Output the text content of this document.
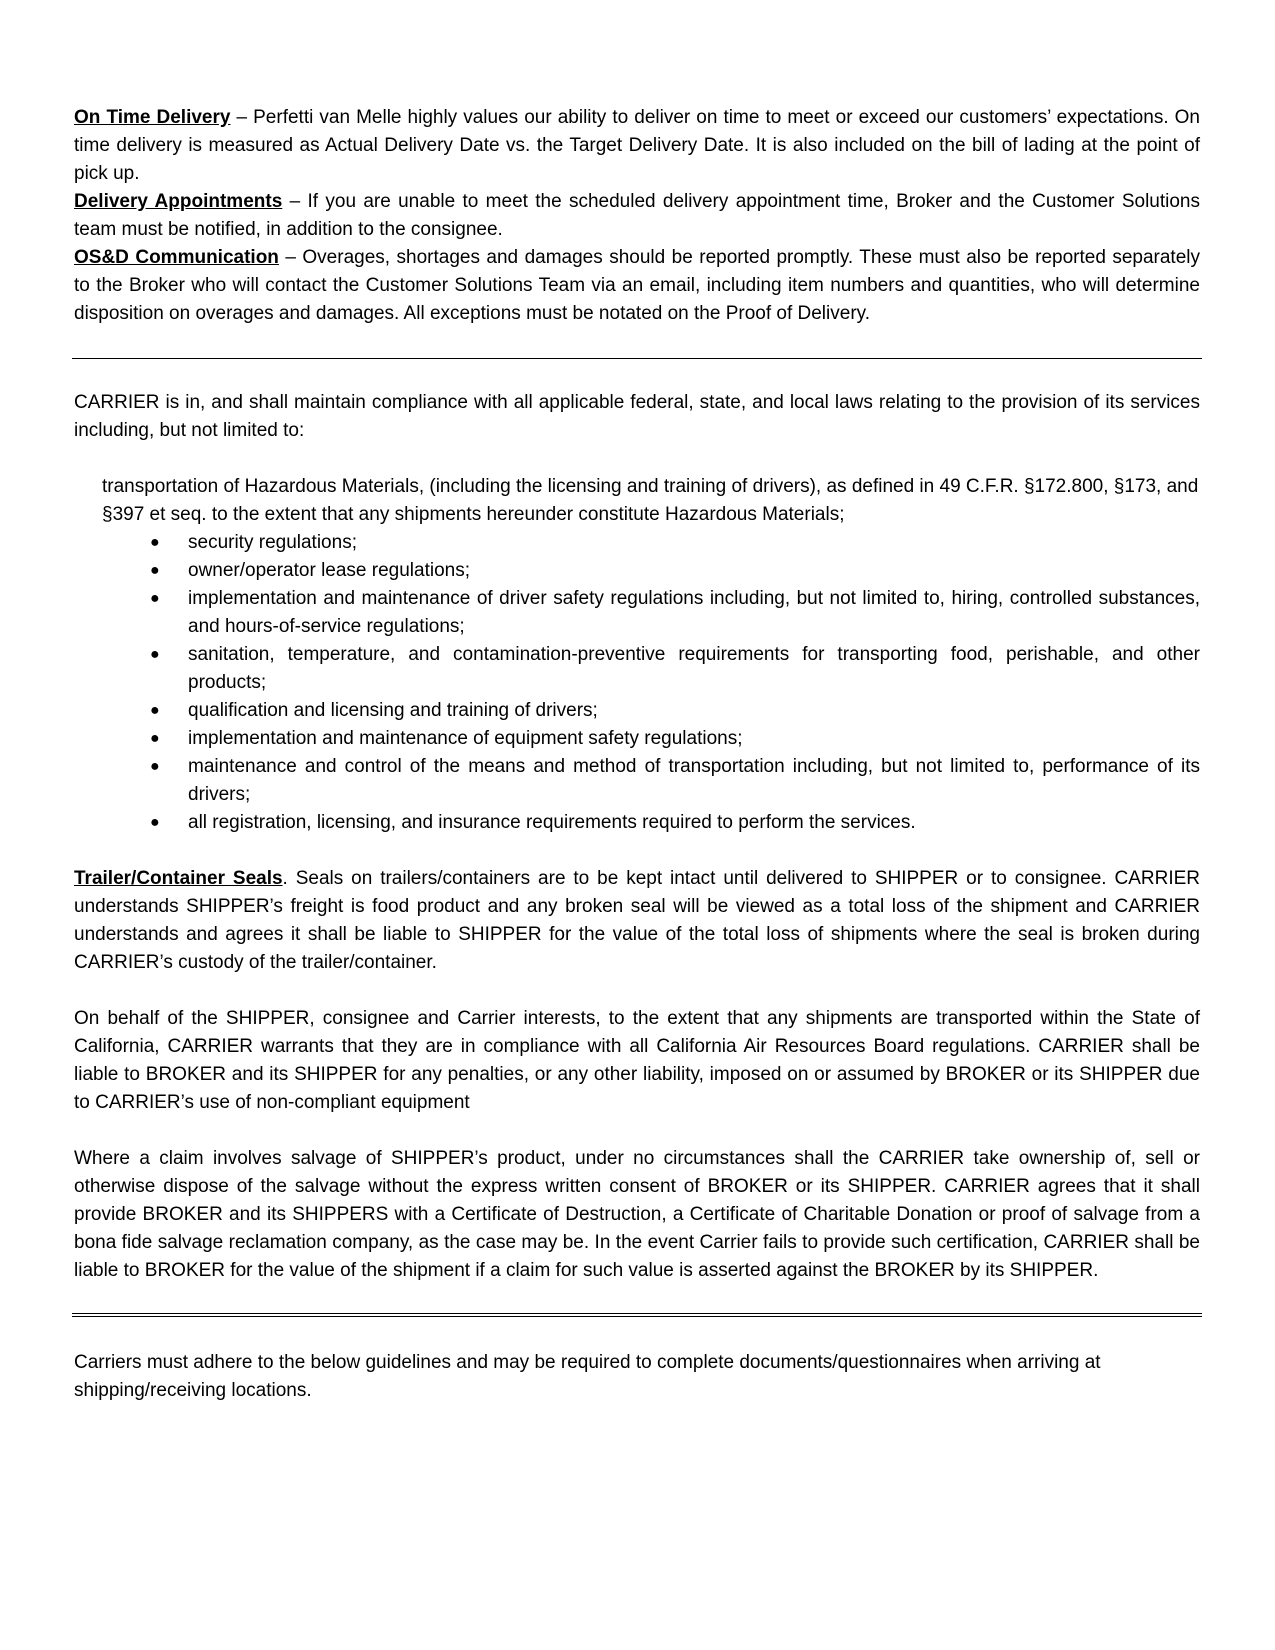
On Time Delivery – Perfetti van Melle highly values our ability to deliver on time to meet or exceed our customers’ expectations. On time delivery is measured as Actual Delivery Date vs. the Target Delivery Date. It is also included on the bill of lading at the point of pick up.

Delivery Appointments – If you are unable to meet the scheduled delivery appointment time, Broker and the Customer Solutions team must be notified, in addition to the consignee.

OS&D Communication – Overages, shortages and damages should be reported promptly. These must also be reported separately to the Broker who will contact the Customer Solutions Team via an email, including item numbers and quantities, who will determine disposition on overages and damages. All exceptions must be notated on the Proof of Delivery.

CARRIER is in, and shall maintain compliance with all applicable federal, state, and local laws relating to the provision of its services including, but not limited to:

transportation of Hazardous Materials, (including the licensing and training of drivers), as defined in 49 C.F.R. §172.800, §173, and §397 et seq. to the extent that any shipments hereunder constitute Hazardous Materials;

● security regulations;
● owner/operator lease regulations;
● implementation and maintenance of driver safety regulations including, but not limited to, hiring, controlled substances, and hours-of-service regulations;
● sanitation, temperature, and contamination-preventive requirements for transporting food, perishable, and other products;
● qualification and licensing and training of drivers;
● implementation and maintenance of equipment safety regulations;
● maintenance and control of the means and method of transportation including, but not limited to, performance of its drivers;
● all registration, licensing, and insurance requirements required to perform the services.

Trailer/Container Seals. Seals on trailers/containers are to be kept intact until delivered to SHIPPER or to consignee. CARRIER understands SHIPPER’s freight is food product and any broken seal will be viewed as a total loss of the shipment and CARRIER understands and agrees it shall be liable to SHIPPER for the value of the total loss of shipments where the seal is broken during CARRIER’s custody of the trailer/container.

On behalf of the SHIPPER, consignee and Carrier interests, to the extent that any shipments are transported within the State of California, CARRIER warrants that they are in compliance with all California Air Resources Board regulations. CARRIER shall be liable to BROKER and its SHIPPER for any penalties, or any other liability, imposed on or assumed by BROKER or its SHIPPER due to CARRIER’s use of non-compliant equipment

Where a claim involves salvage of SHIPPER’s product, under no circumstances shall the CARRIER take ownership of, sell or otherwise dispose of the salvage without the express written consent of BROKER or its SHIPPER. CARRIER agrees that it shall provide BROKER and its SHIPPERS with a Certificate of Destruction, a Certificate of Charitable Donation or proof of salvage from a bona fide salvage reclamation company, as the case may be. In the event Carrier fails to provide such certification, CARRIER shall be liable to BROKER for the value of the shipment if a claim for such value is asserted against the BROKER by its SHIPPER.

Carriers must adhere to the below guidelines and may be required to complete documents/questionnaires when arriving at shipping/receiving locations.
